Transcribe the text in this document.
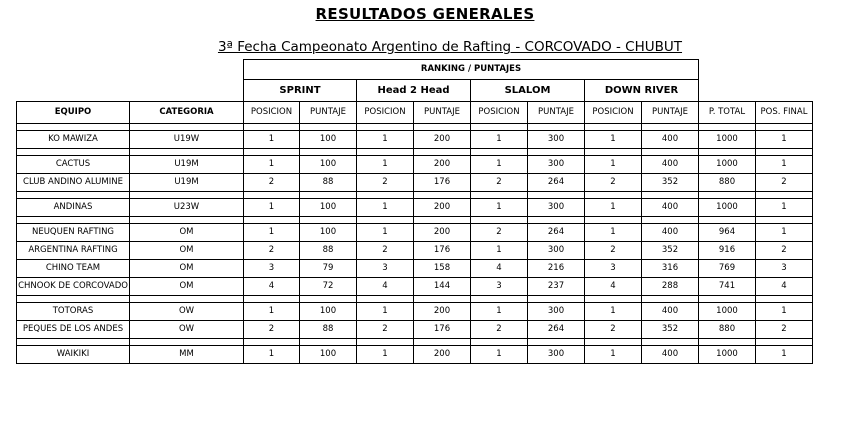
RESULTADOS GENERALES
3ª Fecha Campeonato Argentino de Rafting - CORCOVADO - CHUBUT
		RANKING / PUNTAJES									
		SPRINT		Head 2 Head		SLALOM		DOWN RIVER			
EQUIPO	CATEGORIA	POSICION	PUNTAJE	POSICION	PUNTAJE	POSICION	PUNTAJE	POSICION	PUNTAJE	P. TOTAL	POS. FINAL

KO MAWIZA	U19W	1	100	1	200	1	300	1	400	1000	1

CACTUS	U19M	1	100	1	200	1	300	1	400	1000	1
CLUB ANDINO ALUMINE	U19M	2	88	2	176	2	264	2	352	880	2

ANDINAS	U23W	1	100	1	200	1	300	1	400	1000	1

NEUQUEN RAFTING	OM	1	100	1	200	2	264	1	400	964	1
ARGENTINA RAFTING	OM	2	88	2	176	1	300	2	352	916	2
CHINO TEAM	OM	3	79	3	158	4	216	3	316	769	3
CHNOOK DE CORCOVADO	OM	4	72	4	144	3	237	4	288	741	4

TOTORAS	OW	1	100	1	200	1	300	1	400	1000	1
PEQUES DE LOS ANDES	OW	2	88	2	176	2	264	2	352	880	2

WAIKIKI	MM	1	100	1	200	1	300	1	400	1000	1
